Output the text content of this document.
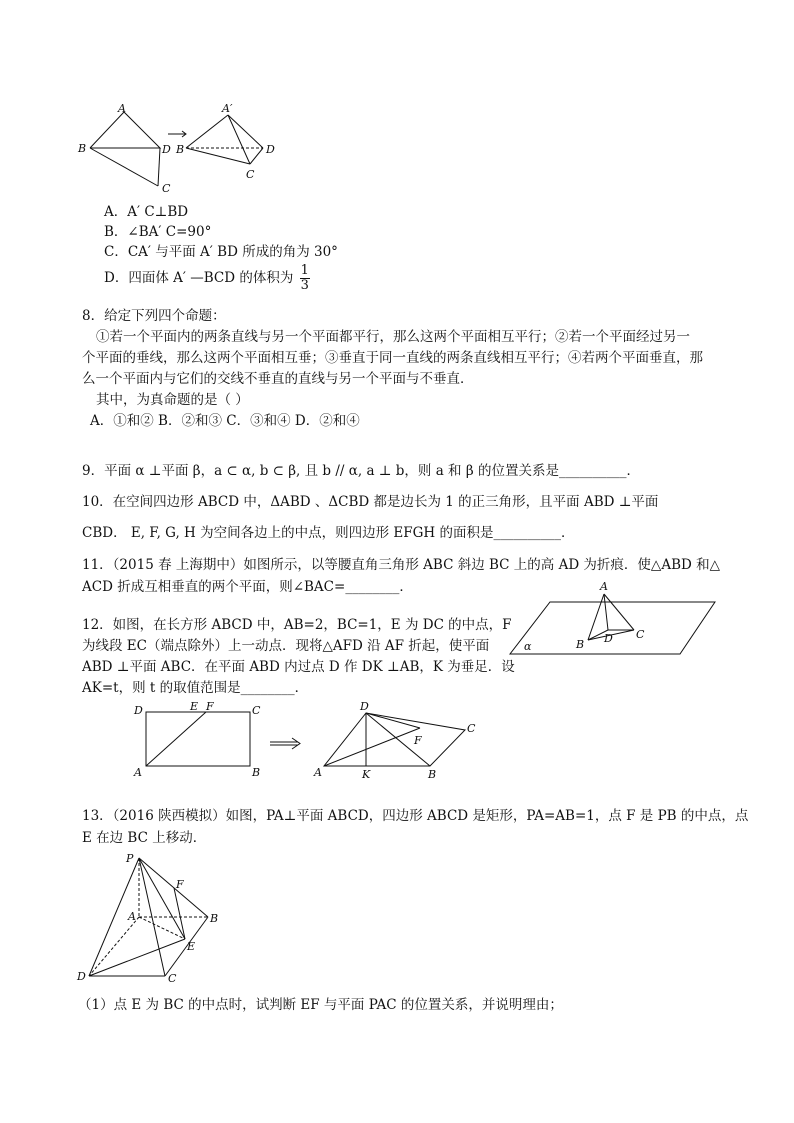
A
B	D
C
A′
B	D
C
A．A′ C⊥BD
B．∠BA′ C=90°
C．CA′ 与平面 A′ BD 所成的角为 30°
D．四面体 A′ —BCD 的体积为 $\frac{1}{3}$
8．给定下列四个命题：
①若一个平面内的两条直线与另一个平面都平行，那么这两个平面相互平行；②若一个平面经过另一
个平面的垂线，那么这两个平面相互垂；③垂直于同一直线的两条直线相互平行；④若两个平面垂直，那
么一个平面内与它们的交线不垂直的直线与另一个平面与不垂直．
其中，为真命题的是（ ）
A．①和② B．②和③ C．③和④ D．②和④
9．平面 α ⊥平面 β，a ⊂ α, b ⊂ β, 且 b // α, a ⊥ b，则 a 和 β 的位置关系是__________．
10．在空间四边形 ABCD 中，ΔABD 、ΔCBD 都是边长为 1 的正三角形，且平面 ABD ⊥平面
CBD． E, F, G, H 为空间各边上的中点，则四边形 EFGH 的面积是__________．
11．（2015 春 上海期中）如图所示，以等腰直角三角形 ABC 斜边 BC 上的高 AD 为折痕．使△ABD 和△
ACD 折成互相垂直的两个平面，则∠BAC=________．	A
B D C
α
12．如图，在长方形 ABCD 中，AB=2，BC=1，E 为 DC 的中点，F
为线段 EC（端点除外）上一动点．现将△AFD 沿 AF 折起，使平面
ABD ⊥平面 ABC．在平面 ABD 内过点 D 作 DK ⊥AB，K 为垂足．设
AK=t，则 t 的取值范围是________．
D	E F	C
A	B
D
C
F
A	K	B
13．（2016 陕西模拟）如图，PA⊥平面 ABCD，四边形 ABCD 是矩形，PA=AB=1，点 F 是 PB 的中点，点
E 在边 BC 上移动．
P
F
A	B
E
D	C
（1）点 E 为 BC 的中点时，试判断 EF 与平面 PAC 的位置关系，并说明理由；
